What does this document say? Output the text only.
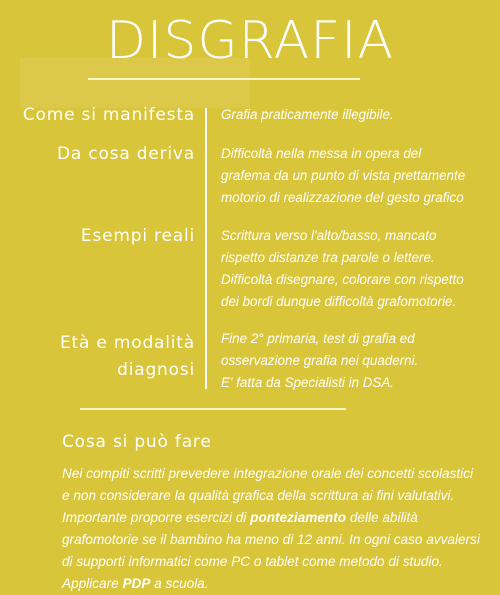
DISGRAFIA
Come si manifesta Grafia praticamente illegibile.

Da cosa deriva Difficoltà nella messa in opera del

grafema da un punto di vista prettamente

motorio di realizzazione del gesto grafico

Esempi reali Scrittura verso l'alto/basso, mancato

rispetto distanze tra parole o lettere.

Difficoltà disegnare, colorare con rispetto

dei bordi dunque difficoltà grafomotorie.

Età e modalità
diagnosi

Fine 2° primaria, test di grafia ed

osservazione grafia nei quaderni.

E' fatta da Specialisti in DSA.

Cosa si può fare
Nei compiti scritti prevedere integrazione orale dei concetti scolastici e non considerare la qualità grafica della scrittura ai fini valutativi. Importante proporre esercizi di ponteziamento delle abilità grafomotorie se il bambino ha meno di 12 anni. In ogni caso avvalersi di supporti informatici come PC o tablet come metodo di studio. Applicare PDP a scuola.
